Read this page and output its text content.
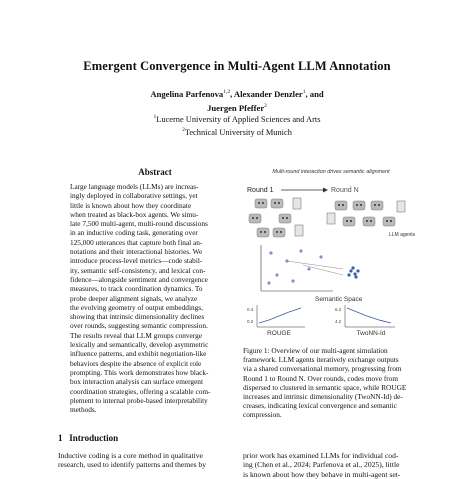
Emergent Convergence in Multi-Agent LLM Annotation
Angelina Parfenova$^{1,2}$, Alexander Denzler$^1$, and
Juergen Pfeffer$^2$
$^1$Lucerne University of Applied Sciences and Arts
$^2$Technical University of Munich
Abstract
Large language models (LLMs) are increas-
ingly deployed in collaborative settings, yet
little is known about how they coordinate
when treated as black-box agents. We simu-
late 7,500 multi-agent, multi-round discussions
in an inductive coding task, generating over
125,000 utterances that capture both final an-
notations and their interactional histories. We
introduce process-level metrics—code stabil-
ity, semantic self-consistency, and lexical con-
fidence—alongside sentiment and convergence
measures, to track coordination dynamics. To
probe deeper alignment signals, we analyze
the evolving geometry of output embeddings,
showing that intrinsic dimensionality declines
over rounds, suggesting semantic compression.
The results reveal that LLM groups converge
lexically and semantically, develop asymmetric
influence patterns, and exhibit negotiation-like
behaviors despite the absence of explicit role
prompting. This work demonstrates how black-
box interaction analysis can surface emergent
coordination strategies, offering a scalable com-
plement to internal probe-based interpretability
methods.
Multi-round interaction drives semantic alignment
Round 1	Round N
LLM agents
Semantic Space
0.4
0.2
ROUGE
6.2
4.2
TwoNN-Id
Figure 1: Overview of our multi-agent simulation
framework. LLM agents iteratively exchange outputs
via a shared conversational memory, progressing from
Round 1 to Round N. Over rounds, codes move from
dispersed to clustered in semantic space, while ROUGE
increases and intrinsic dimensionality (TwoNN-Id) de-
creases, indicating lexical convergence and semantic
compression.
1 Introduction
Inductive coding is a core method in qualitative
research, used to identify patterns and themes by
prior work has examined LLMs for individual cod-
ing (Chen et al., 2024; Parfenova et al., 2025), little
is known about how they behave in multi-agent set-
